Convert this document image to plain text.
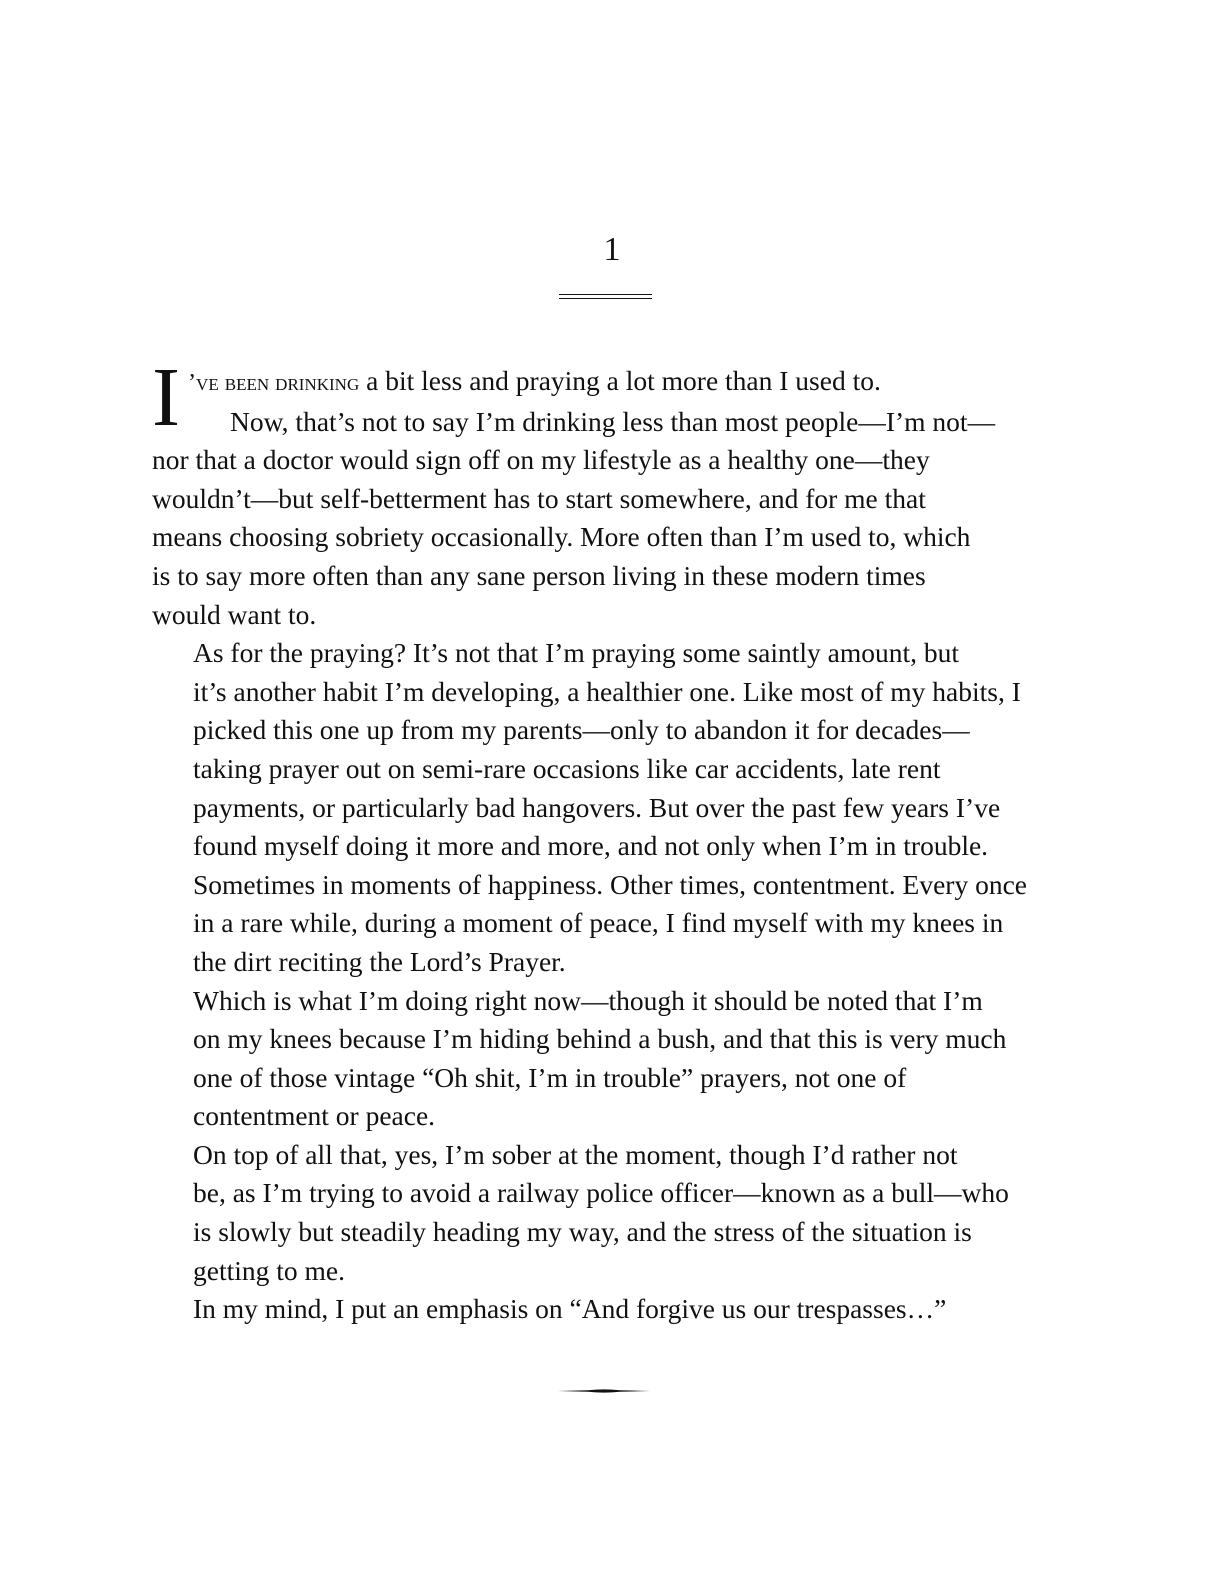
1

I ’ve been drinking a bit less and praying a lot more than I used to.
Now, that’s not to say I’m drinking less than most people—I’m not—
nor that a doctor would sign off on my lifestyle as a healthy one—they
wouldn’t—but self-betterment has to start somewhere, and for me that
means choosing sobriety occasionally. More often than I’m used to, which
is to say more often than any sane person living in these modern times
would want to.

As for the praying? It’s not that I’m praying some saintly amount, but
it’s another habit I’m developing, a healthier one. Like most of my habits, I
picked this one up from my parents—only to abandon it for decades—
taking prayer out on semi-rare occasions like car accidents, late rent
payments, or particularly bad hangovers. But over the past few years I’ve
found myself doing it more and more, and not only when I’m in trouble.
Sometimes in moments of happiness. Other times, contentment. Every once
in a rare while, during a moment of peace, I find myself with my knees in
the dirt reciting the Lord’s Prayer.

Which is what I’m doing right now—though it should be noted that I’m
on my knees because I’m hiding behind a bush, and that this is very much
one of those vintage “Oh shit, I’m in trouble” prayers, not one of
contentment or peace.

On top of all that, yes, I’m sober at the moment, though I’d rather not
be, as I’m trying to avoid a railway police officer—known as a bull—who
is slowly but steadily heading my way, and the stress of the situation is
getting to me.

In my mind, I put an emphasis on “And forgive us our trespasses…”
